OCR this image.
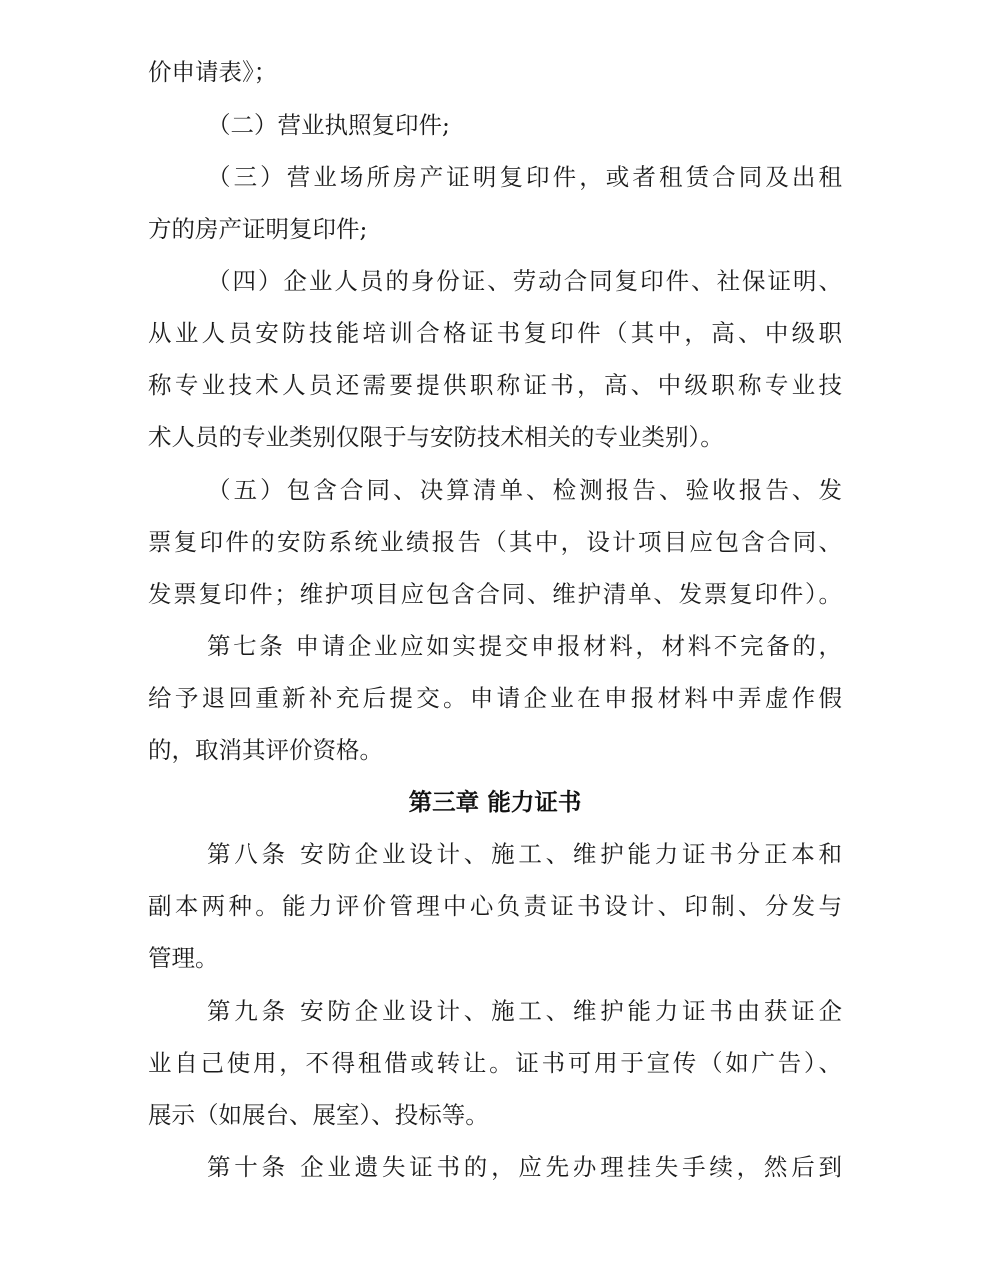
价申请表》；
（二）营业执照复印件;
（三）营业场所房产证明复印件，或者租赁合同及出租
方的房产证明复印件;
（四）企业人员的身份证、劳动合同复印件、社保证明、
从业人员安防技能培训合格证书复印件（其中，高、中级职
称专业技术人员还需要提供职称证书，高、中级职称专业技
术人员的专业类别仅限于与安防技术相关的专业类别）。
（五）包含合同、决算清单、检测报告、验收报告、发
票复印件的安防系统业绩报告（其中，设计项目应包含合同、
发票复印件；维护项目应包含合同、维护清单、发票复印件）。
第七条 申请企业应如实提交申报材料，材料不完备的，
给予退回重新补充后提交。申请企业在申报材料中弄虚作假
的，取消其评价资格。
第三章 能力证书
第八条 安防企业设计、施工、维护能力证书分正本和
副本两种。能力评价管理中心负责证书设计、印制、分发与
管理。
第九条 安防企业设计、施工、维护能力证书由获证企
业自己使用，不得租借或转让。证书可用于宣传（如广告）、
展示（如展台、展室）、投标等。
第十条 企业遗失证书的，应先办理挂失手续，然后到
